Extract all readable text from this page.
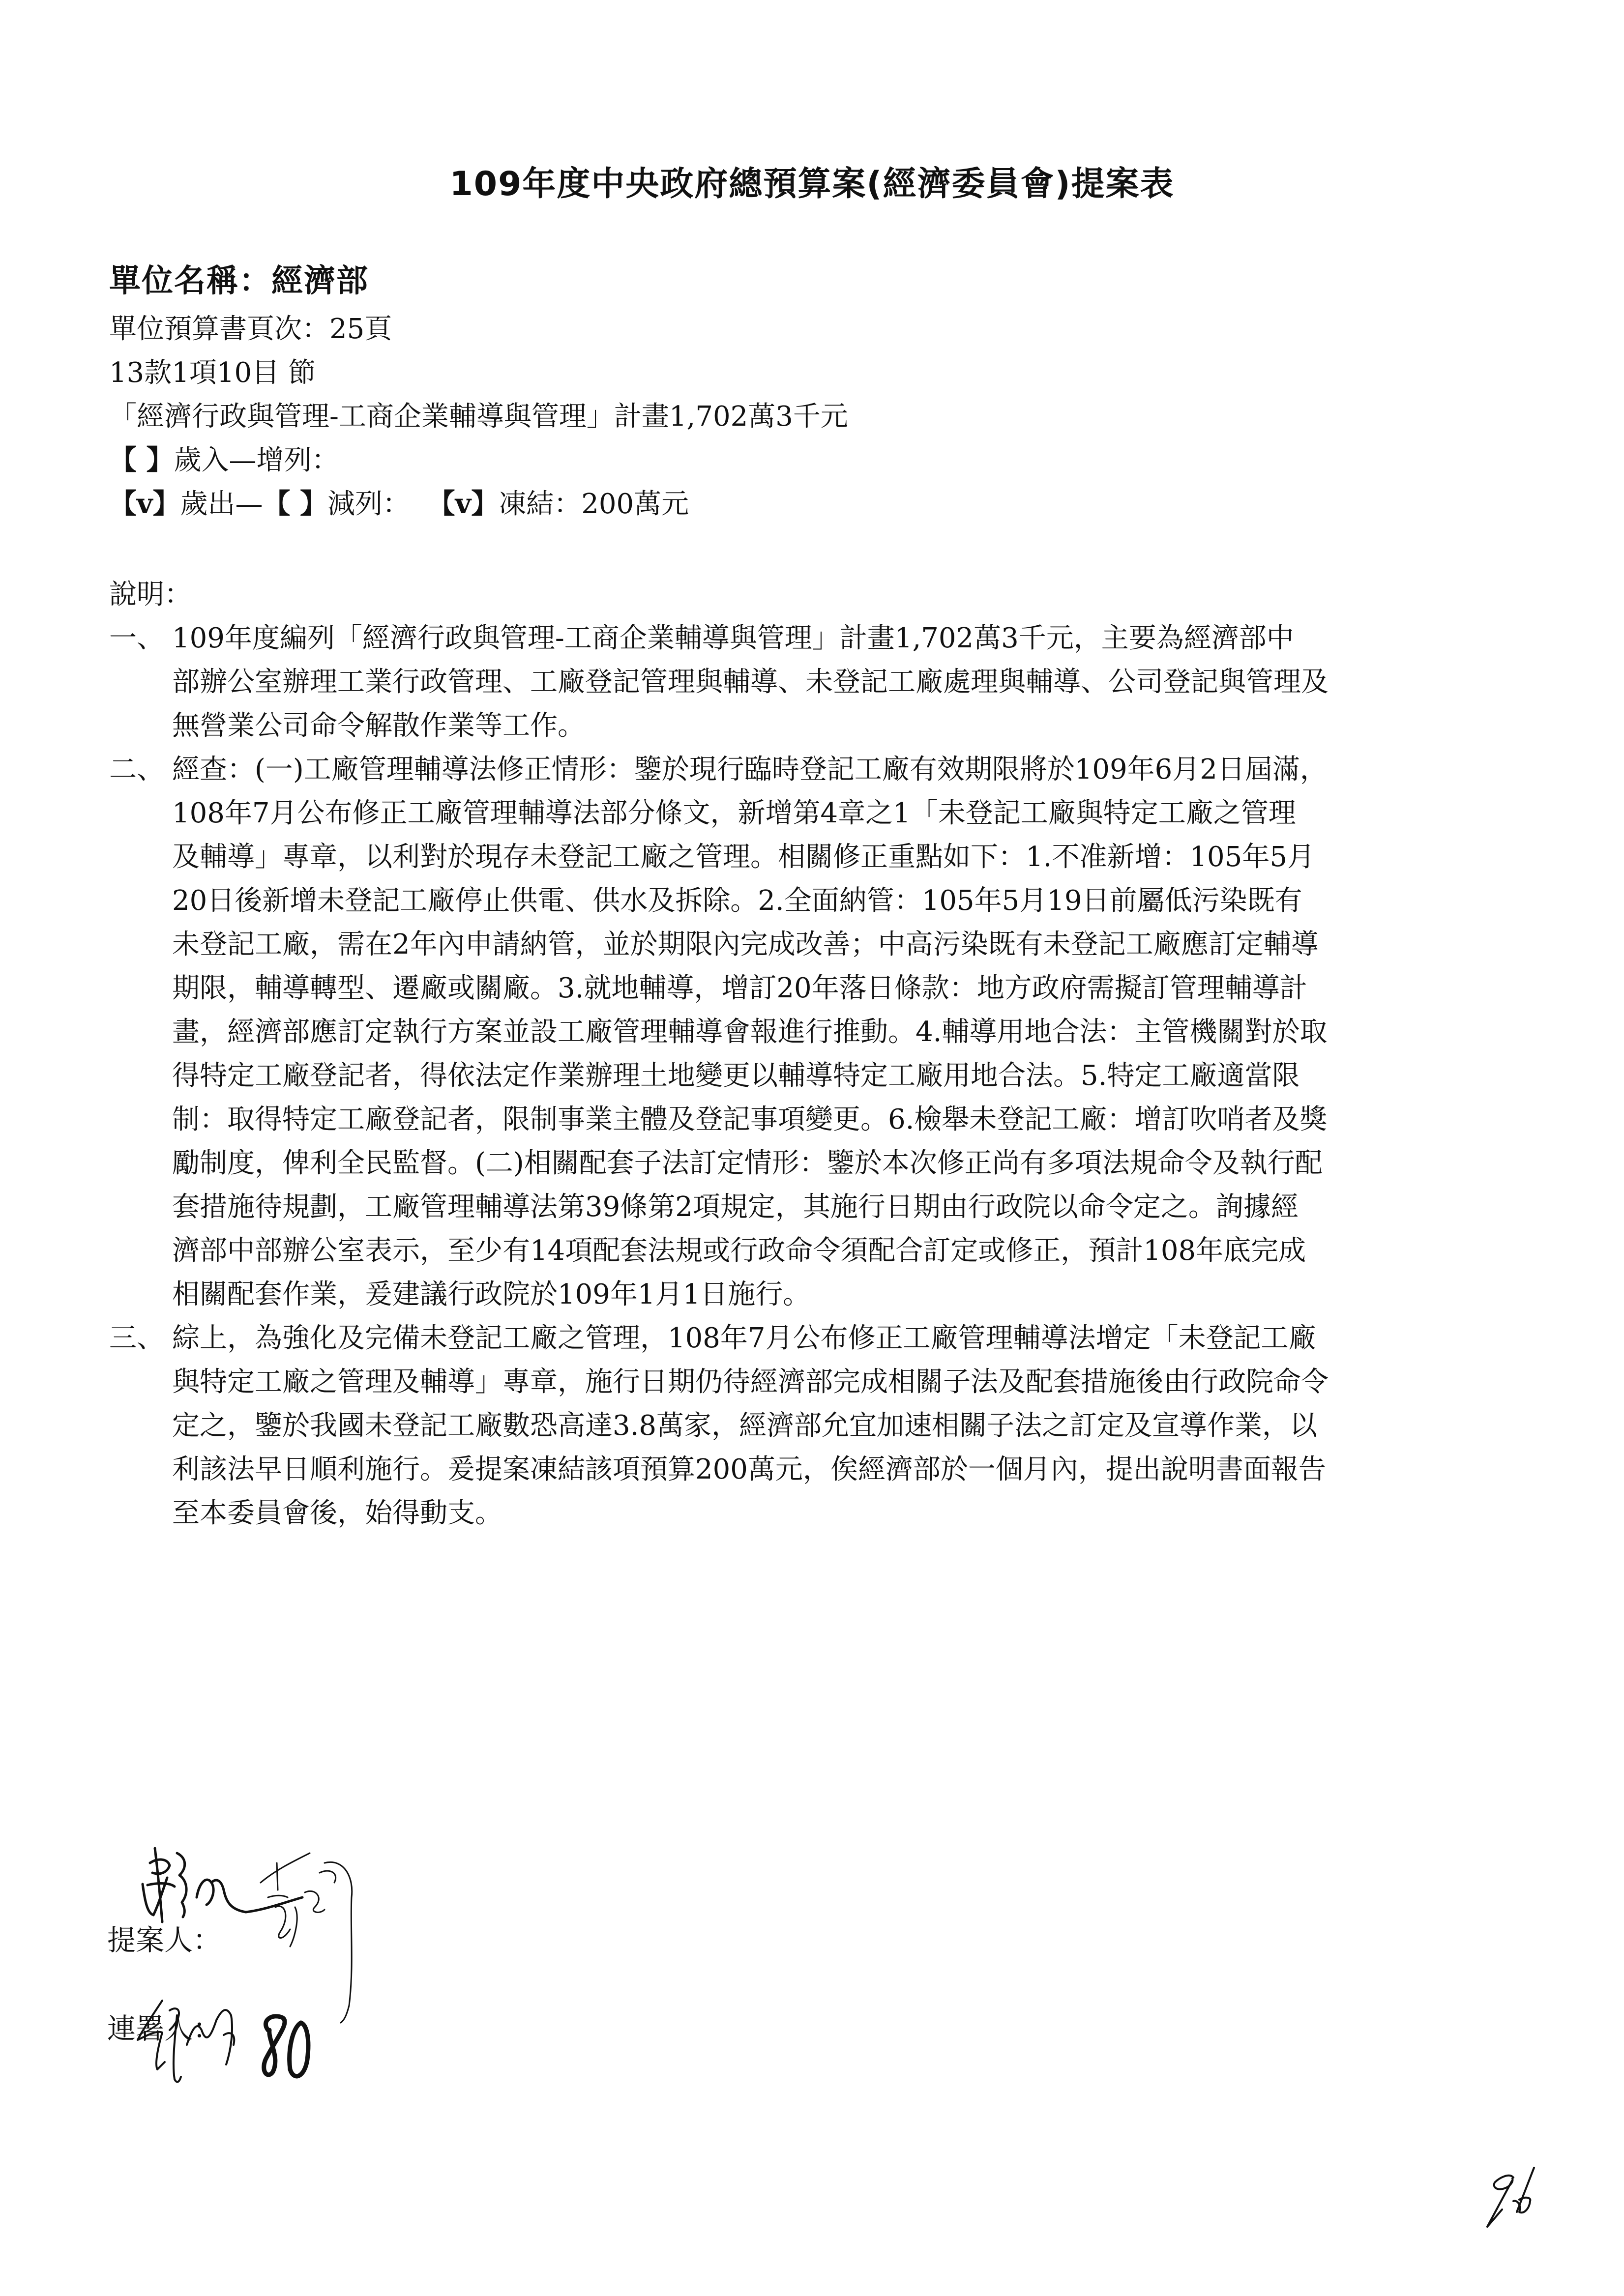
109年度中央政府總預算案(經濟委員會)提案表
單位名稱：經濟部
單位預算書頁次：25頁
13款1項10目 節
「經濟行政與管理-工商企業輔導與管理」計畫1,702萬3千元
【 】歲入—增列：
【v】歲出—【 】減列： 【v】凍結：200萬元
說明：
一、 109年度編列「經濟行政與管理-工商企業輔導與管理」計畫1,702萬3千元，主要為經濟部中
部辦公室辦理工業行政管理、工廠登記管理與輔導、未登記工廠處理與輔導、公司登記與管理及
無營業公司命令解散作業等工作。
二、 經查：(一)工廠管理輔導法修正情形：鑒於現行臨時登記工廠有效期限將於109年6月2日屆滿，
108年7月公布修正工廠管理輔導法部分條文，新增第4章之1「未登記工廠與特定工廠之管理
及輔導」專章，以利對於現存未登記工廠之管理。相關修正重點如下：1.不准新增：105年5月
20日後新增未登記工廠停止供電、供水及拆除。2.全面納管：105年5月19日前屬低污染既有
未登記工廠，需在2年內申請納管，並於期限內完成改善；中高污染既有未登記工廠應訂定輔導
期限，輔導轉型、遷廠或關廠。3.就地輔導，增訂20年落日條款：地方政府需擬訂管理輔導計
畫，經濟部應訂定執行方案並設工廠管理輔導會報進行推動。4.輔導用地合法：主管機關對於取
得特定工廠登記者，得依法定作業辦理土地變更以輔導特定工廠用地合法。5.特定工廠適當限
制：取得特定工廠登記者，限制事業主體及登記事項變更。6.檢舉未登記工廠：增訂吹哨者及獎
勵制度，俾利全民監督。(二)相關配套子法訂定情形：鑒於本次修正尚有多項法規命令及執行配
套措施待規劃，工廠管理輔導法第39條第2項規定，其施行日期由行政院以命令定之。詢據經
濟部中部辦公室表示，至少有14項配套法規或行政命令須配合訂定或修正，預計108年底完成
相關配套作業，爰建議行政院於109年1月1日施行。
三、 綜上，為強化及完備未登記工廠之管理，108年7月公布修正工廠管理輔導法增定「未登記工廠
與特定工廠之管理及輔導」專章，施行日期仍待經濟部完成相關子法及配套措施後由行政院命令
定之，鑒於我國未登記工廠數恐高達3.8萬家，經濟部允宜加速相關子法之訂定及宣導作業，以
利該法早日順利施行。爰提案凍結該項預算200萬元，俟經濟部於一個月內，提出說明書面報告
至本委員會後，始得動支。
提案人：
連署人：
